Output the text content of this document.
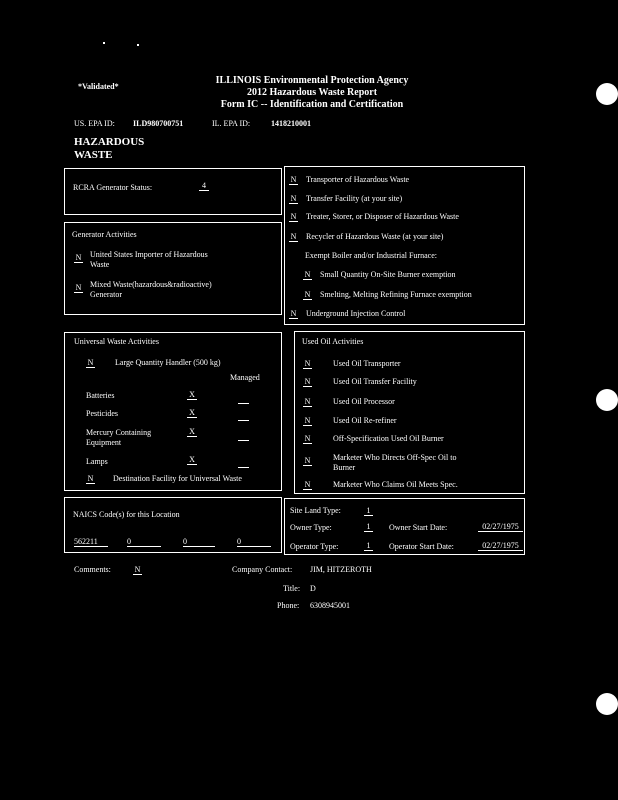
*Validated*
ILLINOIS Environmental Protection Agency
2012 Hazardous Waste Report
Form IC -- Identification and Certification
US. EPA ID: ILD980700751	IL. EPA ID:	1418210001
HAZARDOUS
WASTE
RCRA Generator Status:	4
Generator Activities
N United States Importer of Hazardous
Waste
N Mixed Waste(hazardous&radioactive)
Generator
N Transporter of Hazardous Waste
N Transfer Facility (at your site)
N Treater, Storer, or Disposer of Hazardous Waste
N Recycler of Hazardous Waste (at your site)
Exempt Boiler and/or Industrial Furnace:
N Small Quantity On-Site Burner exemption
N Smelting, Melting Refining Furnace exemption
N Underground Injection Control
Universal Waste Activities
N	Large Quantity Handler (500 kg)
Managed
Batteries	X
Pesticides	X
Mercury Containing
Equipment
X
Lamps	X
N Destination Facility for Universal Waste
Used Oil Activities
N	Used Oil Transporter
N	Used Oil Transfer Facility
N	Used Oil Processor
N	Used Oil Re-refiner
N	Off-Specification Used Oil Burner
N	Marketer Who Directs Off-Spec Oil to
Burner
N	Marketer Who Claims Oil Meets Spec.
NAICS Code(s) for this Location
562211	0	0	0
Site Land Type:	1
Owner Type:	1	Owner Start Date:	02/27/1975
Operator Type:	1	Operator Start Date:	02/27/1975
Comments:	N	Company Contact: JIM, HITZEROTH
Title: D
Phone: 6308945001
